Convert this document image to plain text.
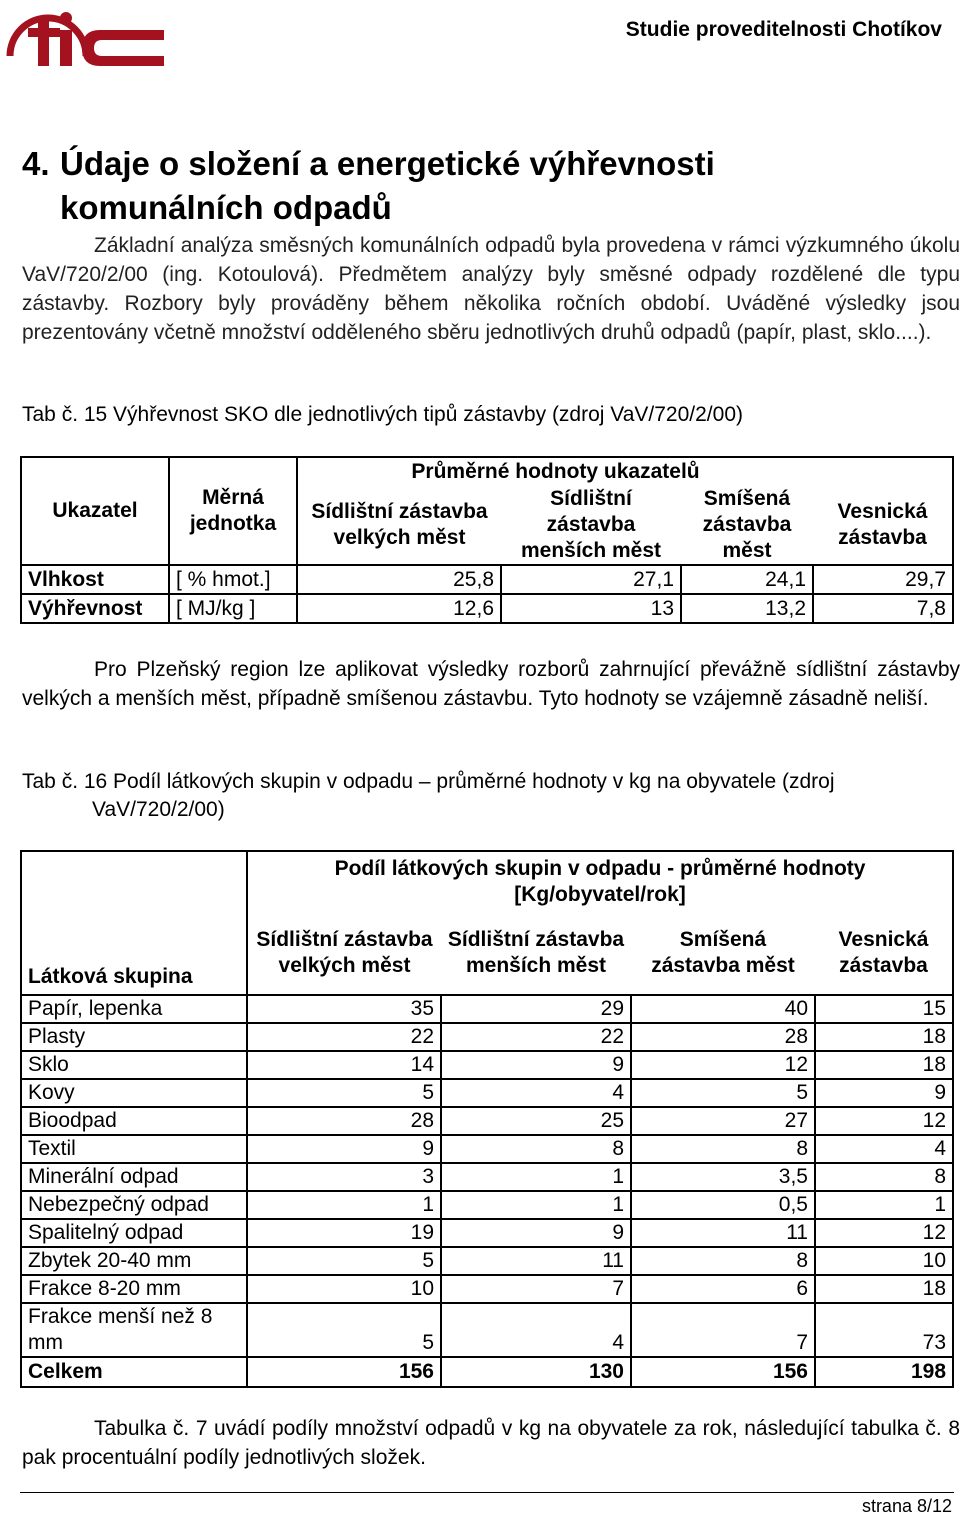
Studie proveditelnosti Chotíkov
4. Údaje o složení a energetické výhřevnosti
komunálních odpadů
Základní analýza směsných komunálních odpadů byla provedena v rámci výzkumného úkolu VaV/720/2/00 (ing. Kotoulová). Předmětem analýzy byly směsné odpady rozdělené dle typu zástavby. Rozbory byly prováděny během několika ročních období. Uváděné výsledky jsou prezentovány včetně množství odděleného sběru jednotlivých druhů odpadů (papír, plast, sklo....).
Tab č. 15 Výhřevnost SKO dle jednotlivých tipů zástavby (zdroj VaV/720/2/00)
Ukazatel	Měrná jednotka	Průměrné hodnoty ukazatelů			
		Sídlištní zástavba velkých měst	Sídlištní zástavba menších měst	Smíšená zástavba měst	Vesnická zástavba
Vlhkost	[ % hmot.]	25,8	27,1	24,1	29,7
Výhřevnost	[ MJ/kg ]	12,6	13	13,2	7,8
Pro Plzeňský region lze aplikovat výsledky rozborů zahrnující převážně sídlištní zástavby velkých a menších měst, případně smíšenou zástavbu. Tyto hodnoty se vzájemně zásadně neliší.
Tab č. 16 Podíl látkových skupin v odpadu – průměrné hodnoty v kg na obyvatele (zdroj
VaV/720/2/00)
Látková skupina	Podíl látkových skupin v odpadu - průměrné hodnoty
[Kg/obyvatel/rok]			
	Sídlištní zástavba velkých měst	Sídlištní zástavba menších měst	Smíšená zástavba měst	Vesnická zástavba
Papír, lepenka	35	29	40	15
Plasty	22	22	28	18
Sklo	14	9	12	18
Kovy	5	4	5	9
Bioodpad	28	25	27	12
Textil	9	8	8	4
Minerální odpad	3	1	3,5	8
Nebezpečný odpad	1	1	0,5	1
Spalitelný odpad	19	9	11	12
Zbytek 20-40 mm	5	11	8	10
Frakce 8-20 mm	10	7	6	18
Frakce menší než 8 mm	5	4	7	73
Celkem	156	130	156	198
Tabulka č. 7 uvádí podíly množství odpadů v kg na obyvatele za rok, následující tabulka č. 8 pak procentuální podíly jednotlivých složek.
strana 8/12
